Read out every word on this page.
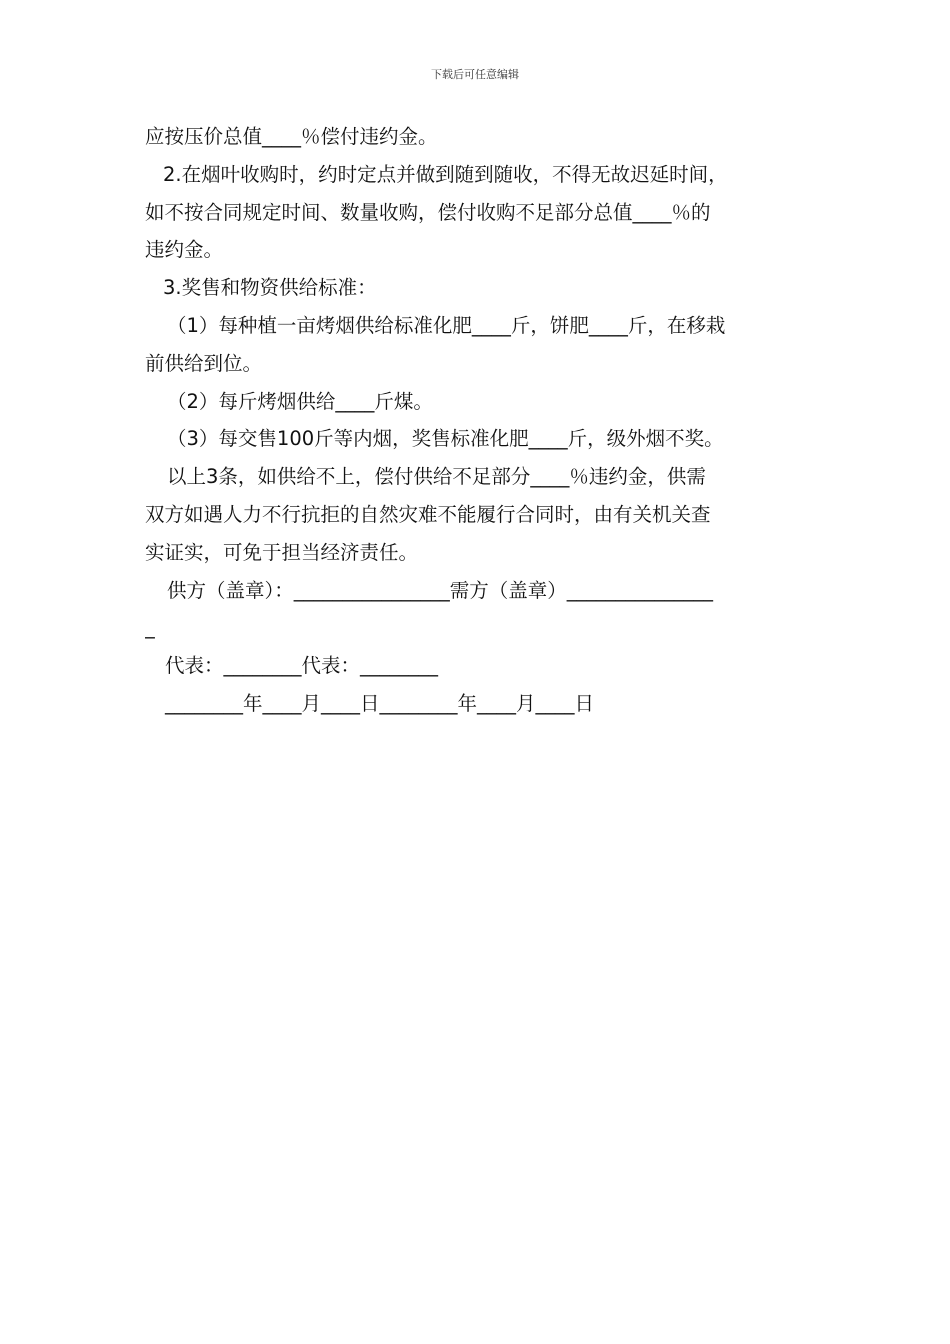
下载后可任意编辑
应按压价总值____％偿付违约金。
2.在烟叶收购时，约时定点并做到随到随收，不得无故迟延时间，
如不按合同规定时间、数量收购，偿付收购不足部分总值____％的
违约金。
3.奖售和物资供给标准：
（1）每种植一亩烤烟供给标准化肥____斤，饼肥____斤，在移栽
前供给到位。
（2）每斤烤烟供给____斤煤。
（3）每交售100斤等内烟，奖售标准化肥____斤，级外烟不奖。
以上3条，如供给不上，偿付供给不足部分____％违约金，供需
双方如遇人力不行抗拒的自然灾难不能履行合同时，由有关机关查
实证实，可免于担当经济责任。
供方（盖章）：________________需方（盖章）_______________
_
代表：________代表：________
________年____月____日________年____月____日
